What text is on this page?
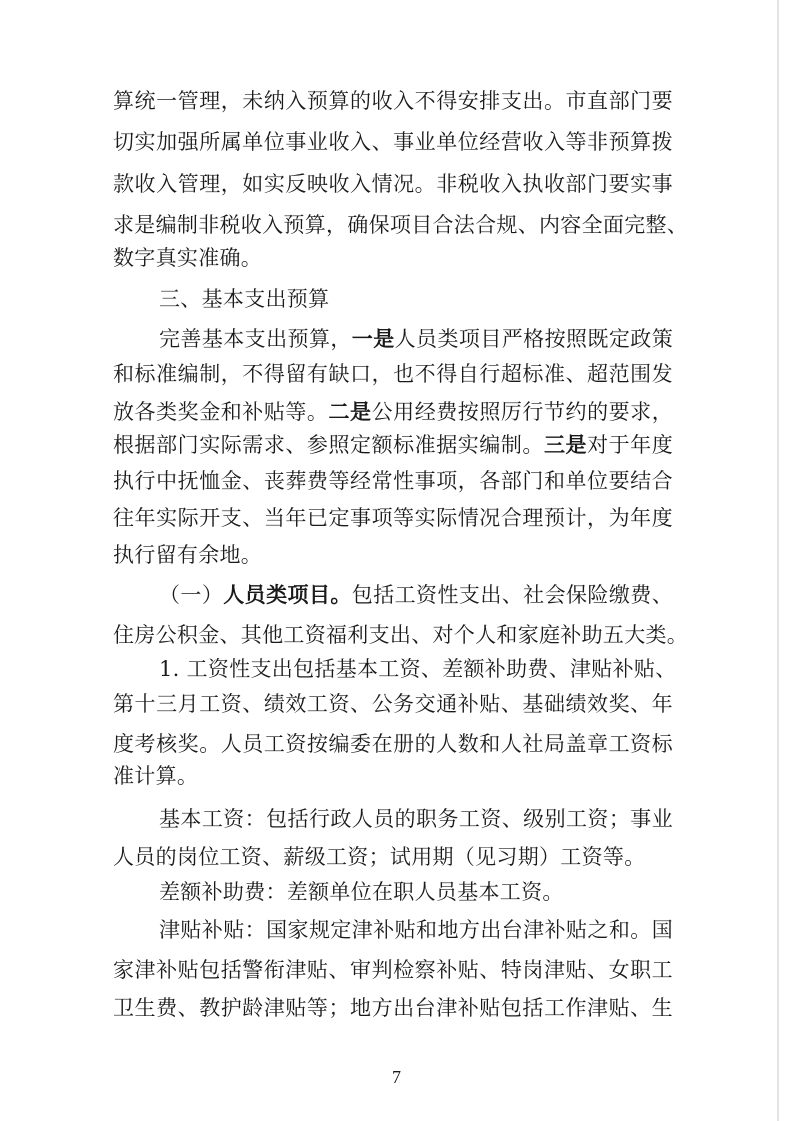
算统一管理，未纳入预算的收入不得安排支出。市直部门要

切实加强所属单位事业收入、事业单位经营收入等非预算拨

款收入管理，如实反映收入情况。非税收入执收部门要实事

求是编制非税收入预算，确保项目合法合规、内容全面完整、

数字真实准确。

三、基本支出预算

完善基本支出预算，一是人员类项目严格按照既定政策

和标准编制，不得留有缺口，也不得自行超标准、超范围发

放各类奖金和补贴等。二是公用经费按照厉行节约的要求，

根据部门实际需求、参照定额标准据实编制。三是对于年度

执行中抚恤金、丧葬费等经常性事项，各部门和单位要结合

往年实际开支、当年已定事项等实际情况合理预计，为年度

执行留有余地。

（一）人员类项目。包括工资性支出、社会保险缴费、

住房公积金、其他工资福利支出、对个人和家庭补助五大类。

1. 工资性支出包括基本工资、差额补助费、津贴补贴、

第十三月工资、绩效工资、公务交通补贴、基础绩效奖、年

度考核奖。人员工资按编委在册的人数和人社局盖章工资标

准计算。

基本工资：包括行政人员的职务工资、级别工资；事业

人员的岗位工资、薪级工资；试用期（见习期）工资等。

差额补助费：差额单位在职人员基本工资。

津贴补贴：国家规定津补贴和地方出台津补贴之和。国

家津补贴包括警衔津贴、审判检察补贴、特岗津贴、女职工

卫生费、教护龄津贴等；地方出台津补贴包括工作津贴、生

7
